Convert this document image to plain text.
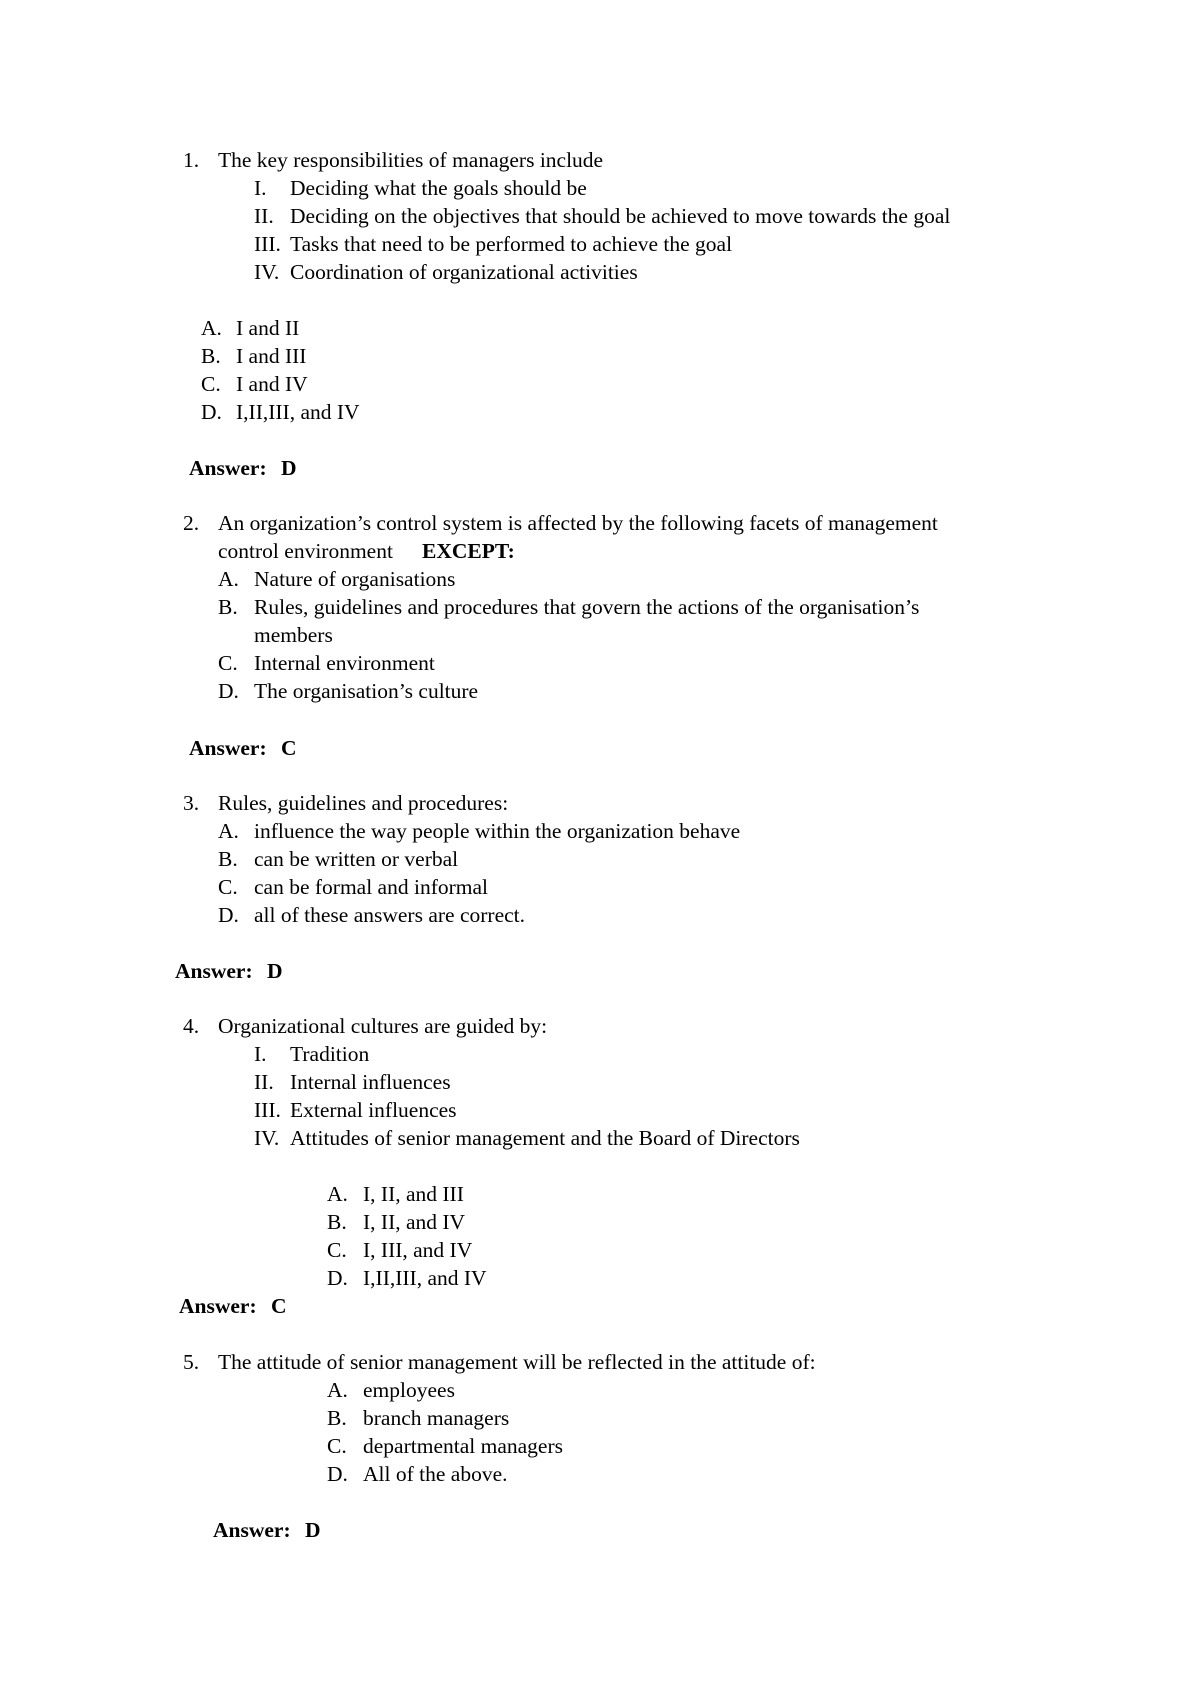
1. The key responsibilities of managers include
I. Deciding what the goals should be
II. Deciding on the objectives that should be achieved to move towards the goal
III. Tasks that need to be performed to achieve the goal
IV. Coordination of organizational activities
A. I and II
B. I and III
C. I and IV
D. I,II,III, and IV
Answer: D
2. An organization’s control system is affected by the following facets of management
control environment EXCEPT:
A. Nature of organisations
B. Rules, guidelines and procedures that govern the actions of the organisation’s
members
C. Internal environment
D. The organisation’s culture
Answer: C
3. Rules, guidelines and procedures:
A. influence the way people within the organization behave
B. can be written or verbal
C. can be formal and informal
D. all of these answers are correct.
Answer: D
4. Organizational cultures are guided by:
I. Tradition
II. Internal influences
III. External influences
IV. Attitudes of senior management and the Board of Directors
A. I, II, and III
B. I, II, and IV
C. I, III, and IV
D. I,II,III, and IV
Answer: C
5. The attitude of senior management will be reflected in the attitude of:
A. employees
B. branch managers
C. departmental managers
D. All of the above.
Answer: D
